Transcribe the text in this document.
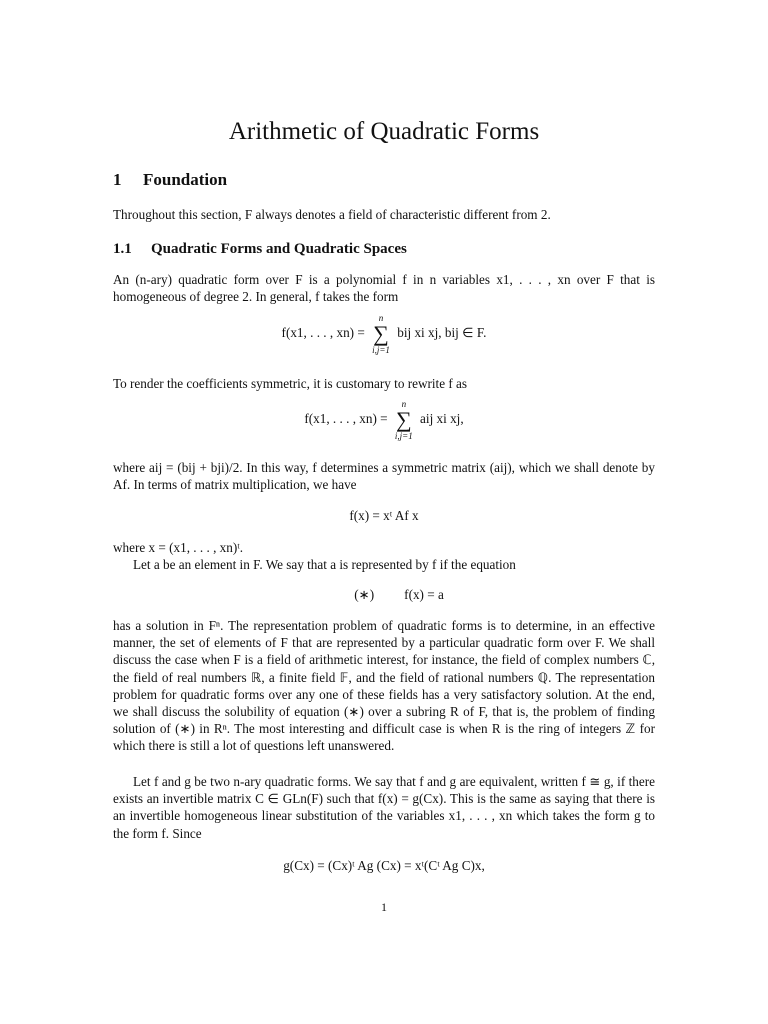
Arithmetic of Quadratic Forms
1 Foundation
Throughout this section, F always denotes a field of characteristic different from 2.
1.1 Quadratic Forms and Quadratic Spaces
An (n-ary) quadratic form over F is a polynomial f in n variables x1, . . . , xn over F that is homogeneous of degree 2. In general, f takes the form
f(x1, . . . , xn) =
n
∑
i,j=1
bij xi xj, bij ∈ F.
To render the coefficients symmetric, it is customary to rewrite f as
f(x1, . . . , xn) =
n
∑
i,j=1
aij xi xj,
where aij = (bij + bji)/2. In this way, f determines a symmetric matrix (aij), which we shall denote by Af. In terms of matrix multiplication, we have
f(x) = xᵗ Af x
where x = (x1, . . . , xn)ᵗ.
Let a be an element in F. We say that a is represented by f if the equation
(∗) f(x) = a
has a solution in Fⁿ. The representation problem of quadratic forms is to determine, in an effective manner, the set of elements of F that are represented by a particular quadratic form over F. We shall discuss the case when F is a field of arithmetic interest, for instance, the field of complex numbers ℂ, the field of real numbers ℝ, a finite field 𝔽, and the field of rational numbers ℚ. The representation problem for quadratic forms over any one of these fields has a very satisfactory solution. At the end, we shall discuss the solubility of equation (∗) over a subring R of F, that is, the problem of finding solution of (∗) in Rⁿ. The most interesting and difficult case is when R is the ring of integers ℤ for which there is still a lot of questions left unanswered.
Let f and g be two n-ary quadratic forms. We say that f and g are equivalent, written f ≅ g, if there exists an invertible matrix C ∈ GLn(F) such that f(x) = g(Cx). This is the same as saying that there is an invertible homogeneous linear substitution of the variables x1, . . . , xn which takes the form g to the form f. Since
g(Cx) = (Cx)ᵗ Ag (Cx) = xᵗ(Cᵗ Ag C)x,
1
